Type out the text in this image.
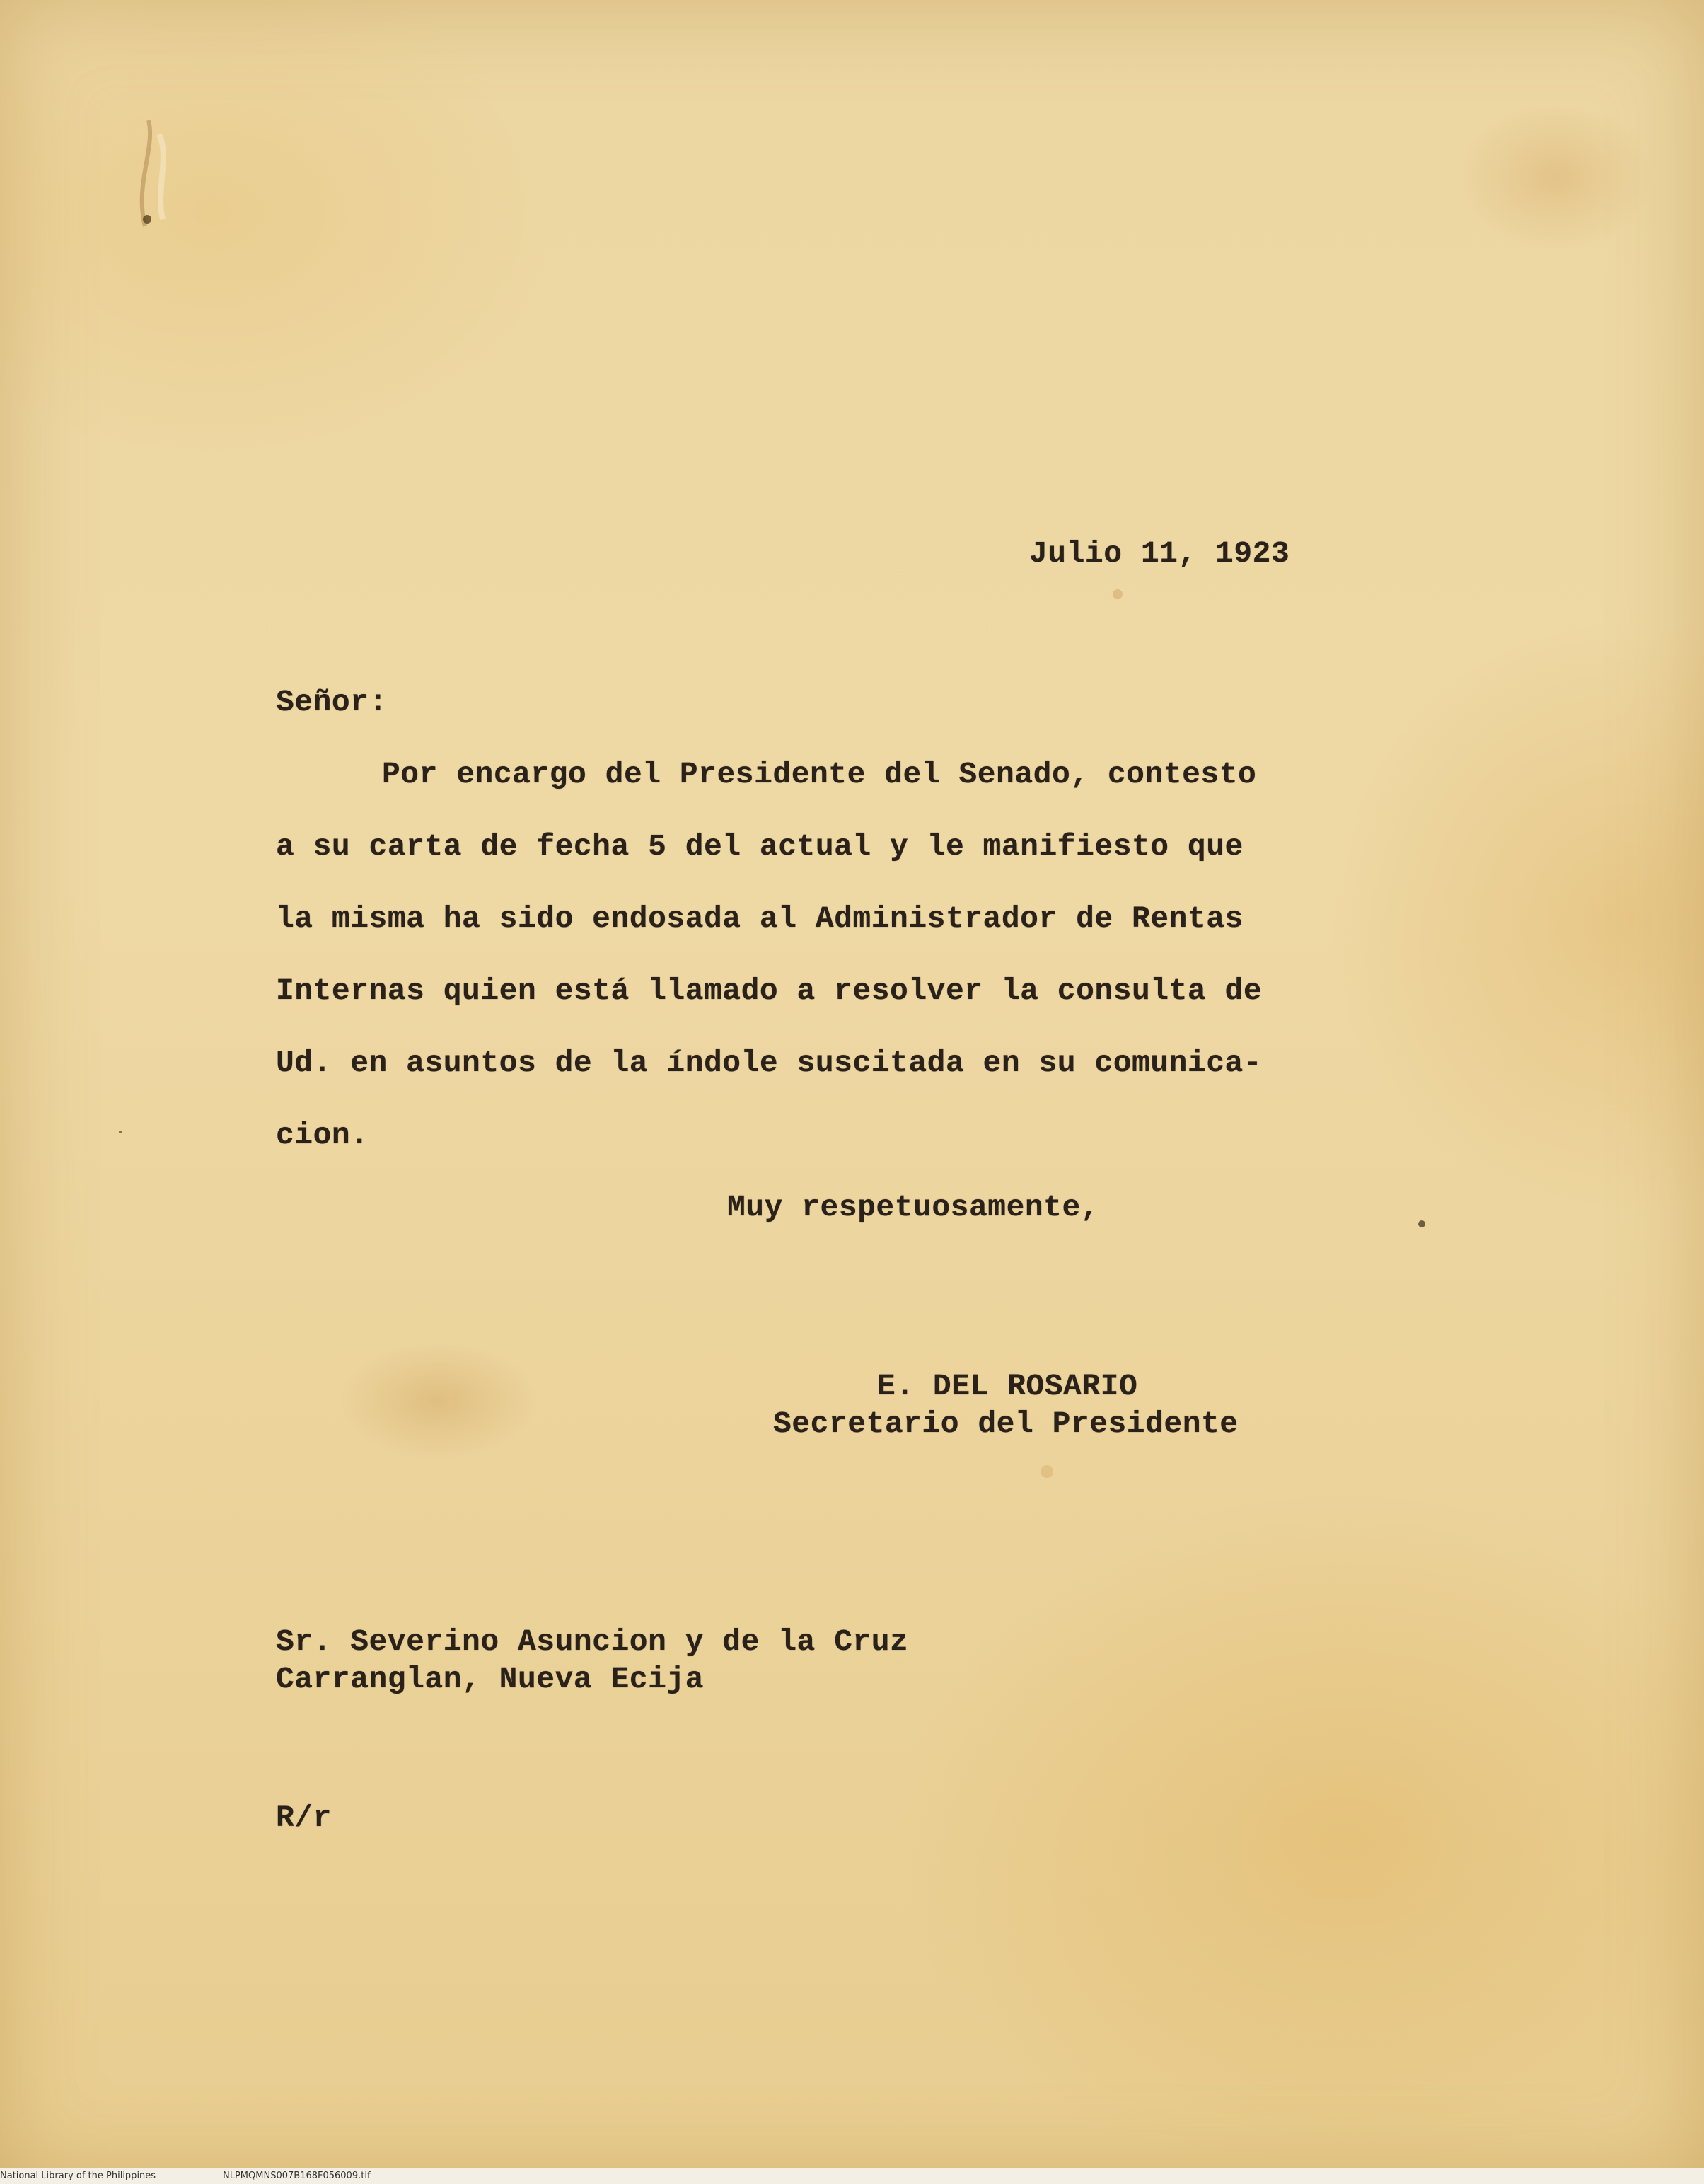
Julio 11, 1923
Señor:
Por encargo del Presidente del Senado, contesto
a su carta de fecha 5 del actual y le manifiesto que
la misma ha sido endosada al Administrador de Rentas
Internas quien está llamado a resolver la consulta de
Ud. en asuntos de la índole suscitada en su comunica-
cion.
Muy respetuosamente,
E. DEL ROSARIO
Secretario del Presidente
Sr. Severino Asuncion y de la Cruz
Carranglan, Nueva Ecija
R/r
National Library of the Philippines	NLPMQMNS007B168F056009.tif
